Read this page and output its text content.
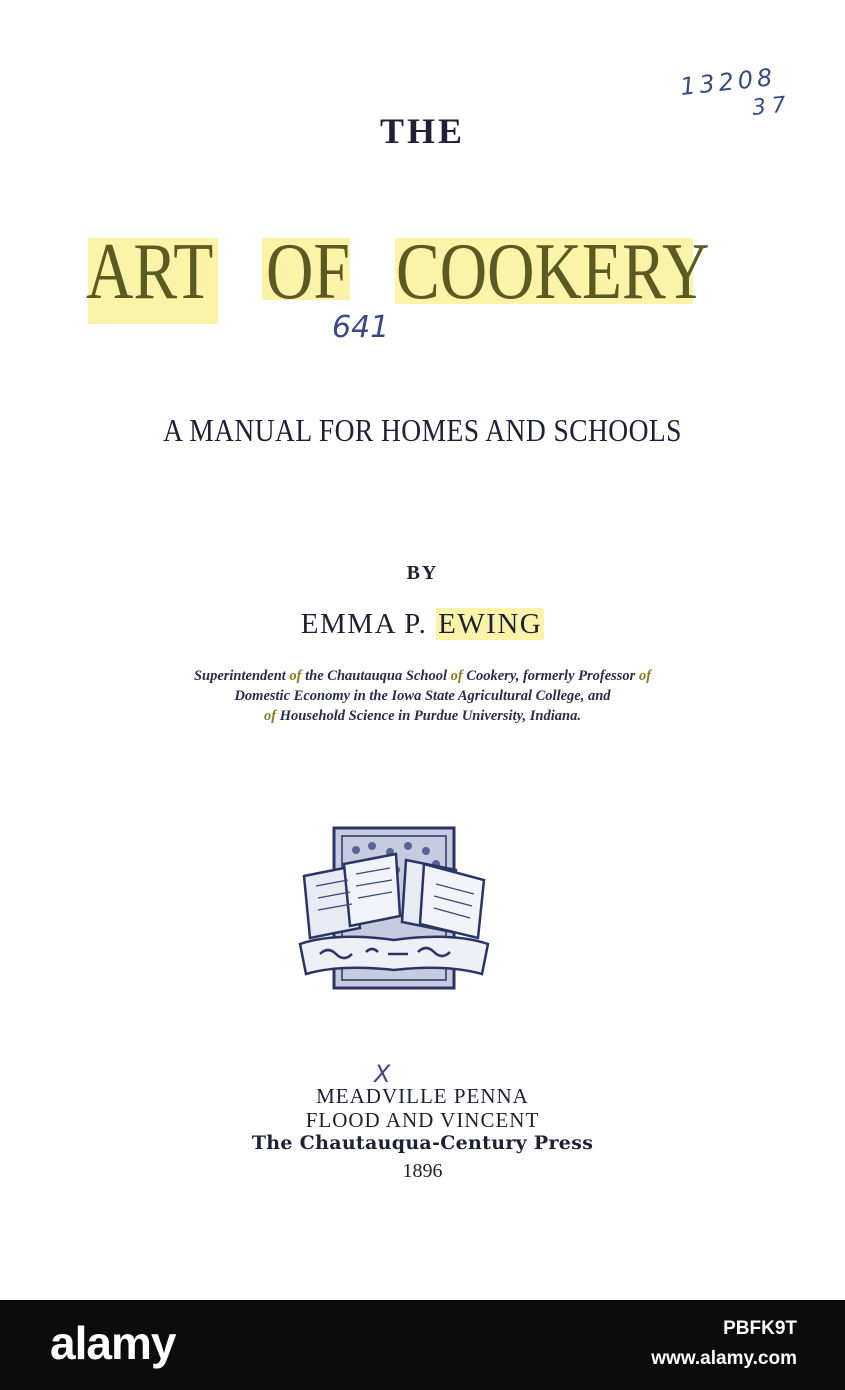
13208
37
THE
ART OF COOKERY
641
A MANUAL FOR HOMES AND SCHOOLS
BY
EMMA P. EWING
Superintendent of the Chautauqua School of Cookery, formerly Professor of
Domestic Economy in the Iowa State Agricultural College, and
of Household Science in Purdue University, Indiana.
X
MEADVILLE PENNA
FLOOD AND VINCENT
The Chautauqua-Century Press
1896
alamy	PBFK9T
www.alamy.com
